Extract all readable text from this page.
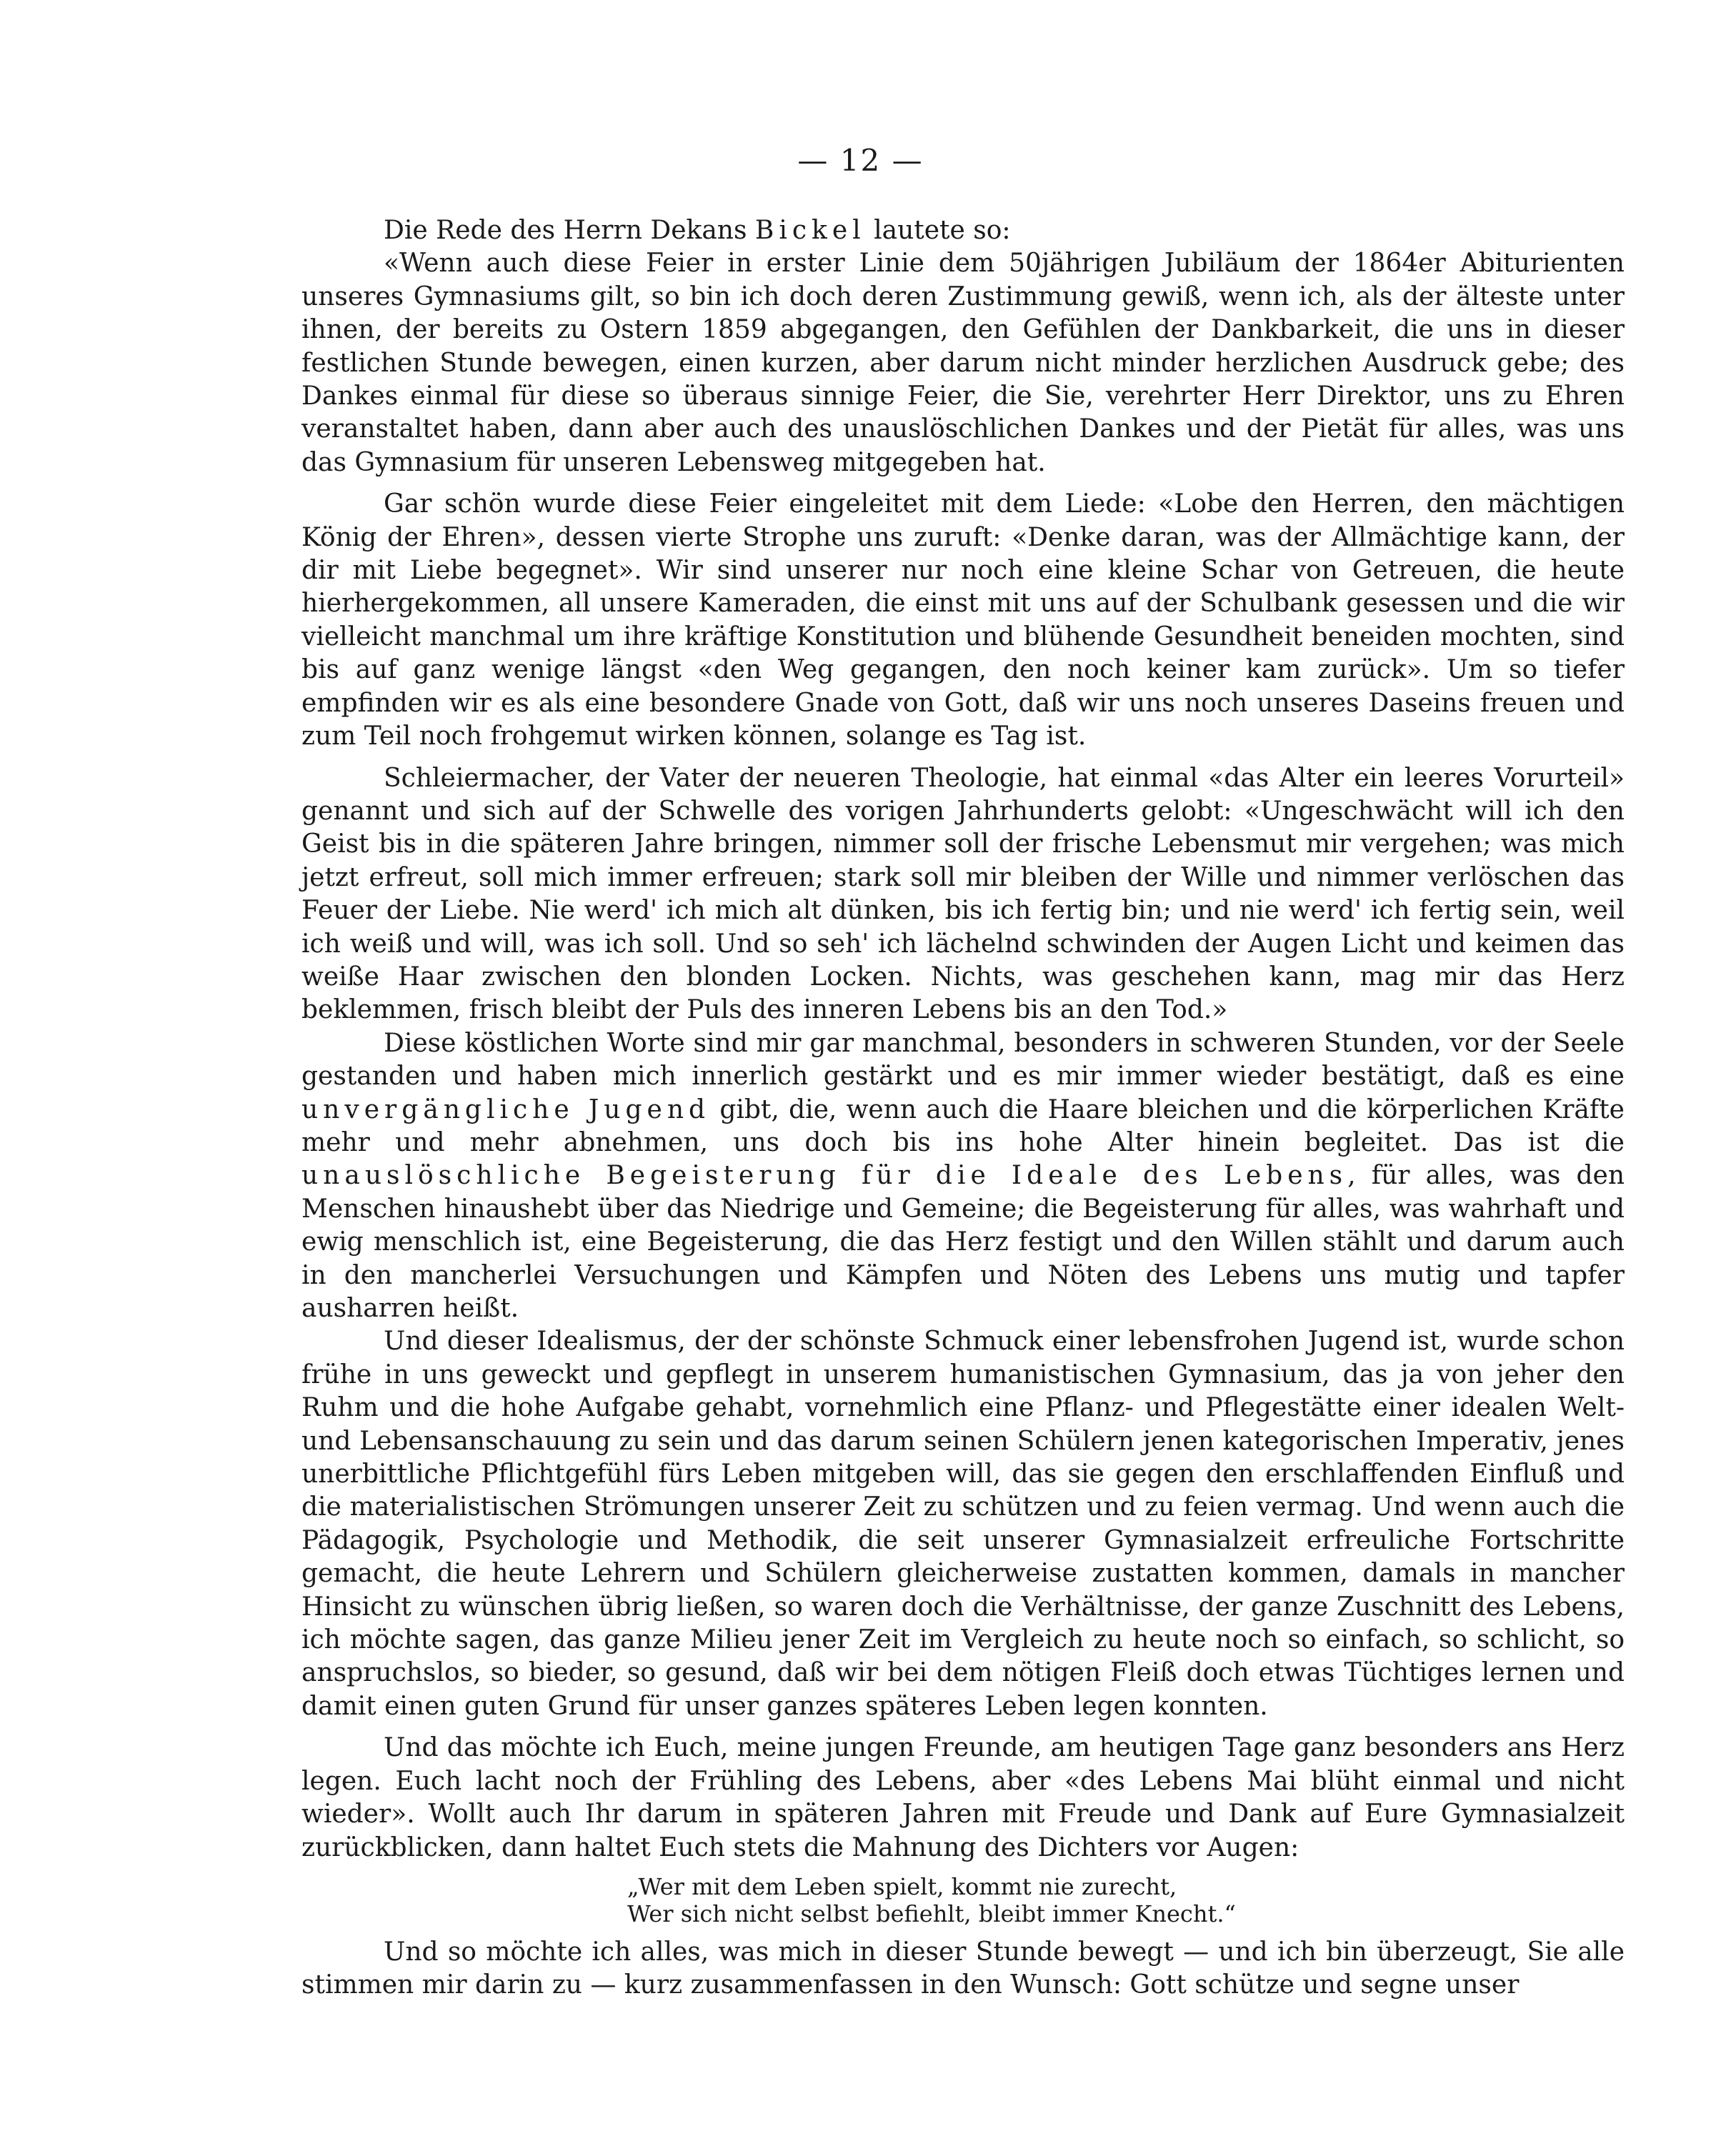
— 12 —

Die Rede des Herrn Dekans Bickel lautete so:

«Wenn auch diese Feier in erster Linie dem 50jährigen Jubiläum der 1864er Abiturienten unseres Gymnasiums gilt, so bin ich doch deren Zustimmung gewiß, wenn ich, als der älteste unter ihnen, der bereits zu Ostern 1859 abgegangen, den Gefühlen der Dankbarkeit, die uns in dieser festlichen Stunde bewegen, einen kurzen, aber darum nicht minder herzlichen Ausdruck gebe; des Dankes einmal für diese so überaus sinnige Feier, die Sie, verehrter Herr Direktor, uns zu Ehren veranstaltet haben, dann aber auch des unauslöschlichen Dankes und der Pietät für alles, was uns das Gymnasium für unseren Lebensweg mitgegeben hat.

Gar schön wurde diese Feier eingeleitet mit dem Liede: «Lobe den Herren, den mächtigen König der Ehren», dessen vierte Strophe uns zuruft: «Denke daran, was der Allmächtige kann, der dir mit Liebe begegnet». Wir sind unserer nur noch eine kleine Schar von Getreuen, die heute hierhergekommen, all unsere Kameraden, die einst mit uns auf der Schulbank gesessen und die wir vielleicht manchmal um ihre kräftige Konstitution und blühende Gesundheit beneiden mochten, sind bis auf ganz wenige längst «den Weg gegangen, den noch keiner kam zurück». Um so tiefer empfinden wir es als eine besondere Gnade von Gott, daß wir uns noch unseres Daseins freuen und zum Teil noch frohgemut wirken können, solange es Tag ist.

Schleiermacher, der Vater der neueren Theologie, hat einmal «das Alter ein leeres Vorurteil» genannt und sich auf der Schwelle des vorigen Jahrhunderts gelobt: «Ungeschwächt will ich den Geist bis in die späteren Jahre bringen, nimmer soll der frische Lebensmut mir vergehen; was mich jetzt erfreut, soll mich immer erfreuen; stark soll mir bleiben der Wille und nimmer verlöschen das Feuer der Liebe. Nie werd' ich mich alt dünken, bis ich fertig bin; und nie werd' ich fertig sein, weil ich weiß und will, was ich soll. Und so seh' ich lächelnd schwinden der Augen Licht und keimen das weiße Haar zwischen den blonden Locken. Nichts, was geschehen kann, mag mir das Herz beklemmen, frisch bleibt der Puls des inneren Lebens bis an den Tod.»

Diese köstlichen Worte sind mir gar manchmal, besonders in schweren Stunden, vor der Seele gestanden und haben mich innerlich gestärkt und es mir immer wieder bestätigt, daß es eine unvergängliche Jugend gibt, die, wenn auch die Haare bleichen und die körperlichen Kräfte mehr und mehr abnehmen, uns doch bis ins hohe Alter hinein begleitet. Das ist die unauslöschliche Begeisterung für die Ideale des Lebens, für alles, was den Menschen hinaushebt über das Niedrige und Gemeine; die Begeisterung für alles, was wahrhaft und ewig menschlich ist, eine Begeisterung, die das Herz festigt und den Willen stählt und darum auch in den mancherlei Versuchungen und Kämpfen und Nöten des Lebens uns mutig und tapfer ausharren heißt.

Und dieser Idealismus, der der schönste Schmuck einer lebensfrohen Jugend ist, wurde schon frühe in uns geweckt und gepflegt in unserem humanistischen Gymnasium, das ja von jeher den Ruhm und die hohe Aufgabe gehabt, vornehmlich eine Pflanz- und Pflegestätte einer idealen Welt- und Lebensanschauung zu sein und das darum seinen Schülern jenen kategorischen Imperativ, jenes unerbittliche Pflichtgefühl fürs Leben mitgeben will, das sie gegen den erschlaffenden Einfluß und die materialistischen Strömungen unserer Zeit zu schützen und zu feien vermag. Und wenn auch die Pädagogik, Psychologie und Methodik, die seit unserer Gymnasialzeit erfreuliche Fortschritte gemacht, die heute Lehrern und Schülern gleicherweise zustatten kommen, damals in mancher Hinsicht zu wünschen übrig ließen, so waren doch die Verhältnisse, der ganze Zuschnitt des Lebens, ich möchte sagen, das ganze Milieu jener Zeit im Vergleich zu heute noch so einfach, so schlicht, so anspruchslos, so bieder, so gesund, daß wir bei dem nötigen Fleiß doch etwas Tüchtiges lernen und damit einen guten Grund für unser ganzes späteres Leben legen konnten.

Und das möchte ich Euch, meine jungen Freunde, am heutigen Tage ganz besonders ans Herz legen. Euch lacht noch der Frühling des Lebens, aber «des Lebens Mai blüht einmal und nicht wieder». Wollt auch Ihr darum in späteren Jahren mit Freude und Dank auf Eure Gymnasialzeit zurückblicken, dann haltet Euch stets die Mahnung des Dichters vor Augen:

„Wer mit dem Leben spielt, kommt nie zurecht,
Wer sich nicht selbst befiehlt, bleibt immer Knecht.“

Und so möchte ich alles, was mich in dieser Stunde bewegt — und ich bin überzeugt, Sie alle stimmen mir darin zu — kurz zusammenfassen in den Wunsch: Gott schütze und segne unser
